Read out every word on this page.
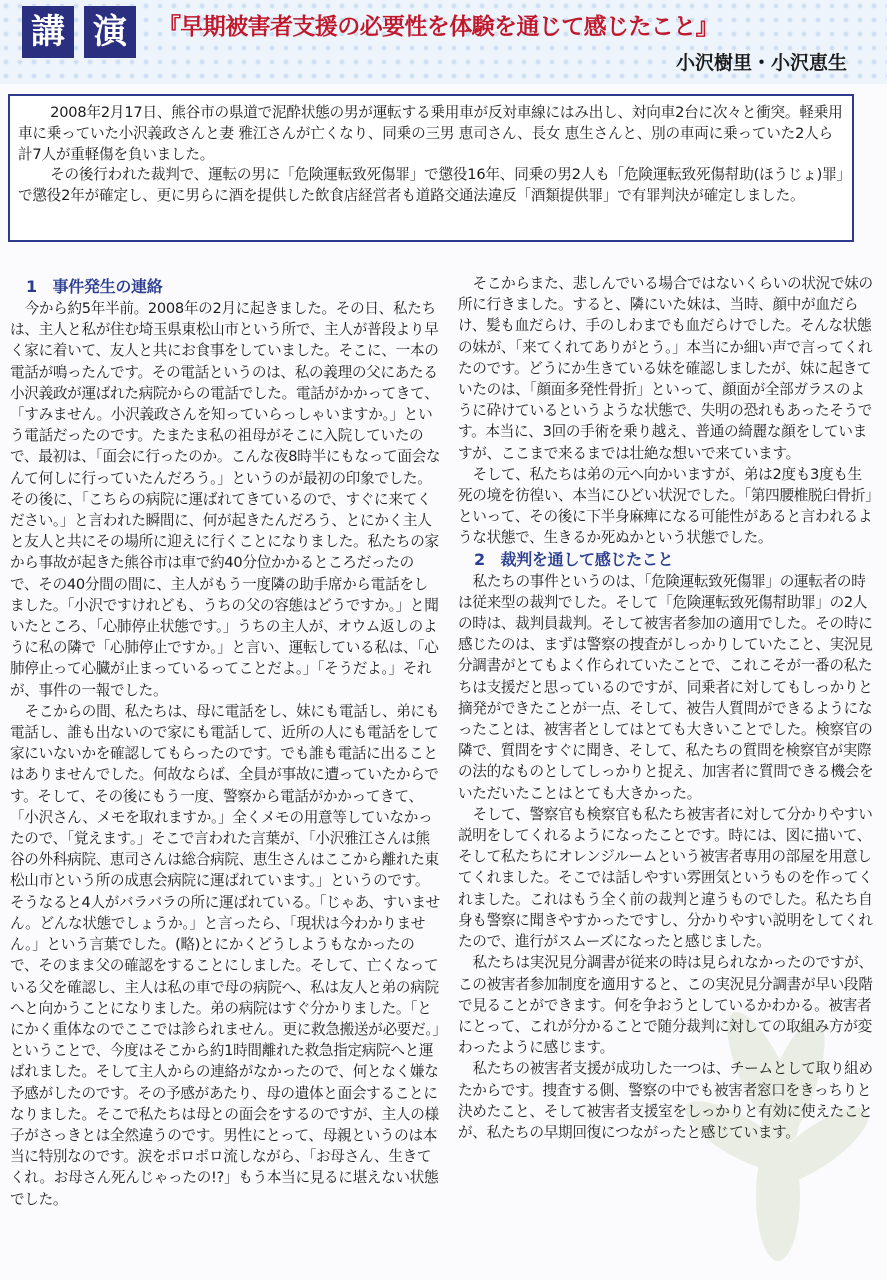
講 演	『早期被害者支援の必要性を体験を通じて感じたこと』
小沢樹里・小沢恵生

2008年2月17日、熊谷市の県道で泥酔状態の男が運転する乗用車が反対車線にはみ出し、対向車2台に次々と衝突。軽乗用車に乗っていた小沢義政さんと妻 雅江さんが亡くなり、同乗の三男 恵司さん、長女 恵生さんと、別の車両に乗っていた2人ら計7人が重軽傷を負いました。

その後行われた裁判で、運転の男に「危険運転致死傷罪」で懲役16年、同乗の男2人も「危険運転致死傷幇助(ほうじょ)罪」で懲役2年が確定し、更に男らに酒を提供した飲食店経営者も道路交通法違反「酒類提供罪」で有罪判決が確定しました。

1　事件発生の連絡

今から約5年半前。2008年の2月に起きました。その日、私たちは、主人と私が住む埼玉県東松山市という所で、主人が普段より早く家に着いて、友人と共にお食事をしていました。そこに、一本の電話が鳴ったんです。その電話というのは、私の義理の父にあたる小沢義政が運ばれた病院からの電話でした。電話がかかってきて、「すみません。小沢義政さんを知っていらっしゃいますか。」という電話だったのです。たまたま私の祖母がそこに入院していたので、最初は、「面会に行ったのか。こんな夜8時半にもなって面会なんて何しに行っていたんだろう。」というのが最初の印象でした。その後に、「こちらの病院に運ばれてきているので、すぐに来てください。」と言われた瞬間に、何が起きたんだろう、とにかく主人と友人と共にその場所に迎えに行くことになりました。私たちの家から事故が起きた熊谷市は車で約40分位かかるところだったので、その40分間の間に、主人がもう一度隣の助手席から電話をしました。「小沢ですけれども、うちの父の容態はどうですか。」と聞いたところ、「心肺停止状態です。」うちの主人が、オウム返しのように私の隣で「心肺停止ですか。」と言い、運転している私は、「心肺停止って心臓が止まっているってことだよ。」「そうだよ。」それが、事件の一報でした。

そこからの間、私たちは、母に電話をし、妹にも電話し、弟にも電話し、誰も出ないので家にも電話して、近所の人にも電話をして家にいないかを確認してもらったのです。でも誰も電話に出ることはありませんでした。何故ならば、全員が事故に遭っていたからです。そして、その後にもう一度、警察から電話がかかってきて、「小沢さん、メモを取れますか。」全くメモの用意等していなかったので、「覚えます。」そこで言われた言葉が、「小沢雅江さんは熊谷の外科病院、恵司さんは総合病院、恵生さんはここから離れた東松山市という所の成恵会病院に運ばれています。」というのです。そうなると4人がバラバラの所に運ばれている。「じゃあ、すいません。どんな状態でしょうか。」と言ったら、「現状は今わかりません。」という言葉でした。(略)とにかくどうしようもなかったので、そのまま父の確認をすることにしました。そして、亡くなっている父を確認し、主人は私の車で母の病院へ、私は友人と弟の病院へと向かうことになりました。弟の病院はすぐ分かりました。「とにかく重体なのでここでは診られません。更に救急搬送が必要だ。」ということで、今度はそこから約1時間離れた救急指定病院へと運ばれました。そして主人からの連絡がなかったので、何となく嫌な予感がしたのです。その予感があたり、母の遺体と面会することになりました。そこで私たちは母との面会をするのですが、主人の様子がさっきとは全然違うのです。男性にとって、母親というのは本当に特別なのです。涙をポロポロ流しながら、「お母さん、生きてくれ。お母さん死んじゃったの!?」もう本当に見るに堪えない状態でした。

そこからまた、悲しんでいる場合ではないくらいの状況で妹の所に行きました。すると、隣にいた妹は、当時、顔中が血だらけ、髪も血だらけ、手のしわまでも血だらけでした。そんな状態の妹が、「来てくれてありがとう。」本当にか細い声で言ってくれたのです。どうにか生きている妹を確認しましたが、妹に起きていたのは、「顔面多発性骨折」といって、顔面が全部ガラスのように砕けているというような状態で、失明の恐れもあったそうです。本当に、3回の手術を乗り越え、普通の綺麗な顔をしていますが、ここまで来るまでは壮絶な想いで来ています。

そして、私たちは弟の元へ向かいますが、弟は2度も3度も生死の境を彷徨い、本当にひどい状況でした。「第四腰椎脱臼骨折」といって、その後に下半身麻痺になる可能性があると言われるような状態で、生きるか死ぬかという状態でした。

2　裁判を通して感じたこと

私たちの事件というのは、「危険運転致死傷罪」の運転者の時は従来型の裁判でした。そして「危険運転致死傷幇助罪」の2人の時は、裁判員裁判。そして被害者参加の適用でした。その時に感じたのは、まずは警察の捜査がしっかりしていたこと、実況見分調書がとてもよく作られていたことで、これこそが一番の私たちは支援だと思っているのですが、同乗者に対してもしっかりと摘発ができたことが一点、そして、被告人質問ができるようになったことは、被害者としてはとても大きいことでした。検察官の隣で、質問をすぐに聞き、そして、私たちの質問を検察官が実際の法的なものとしてしっかりと捉え、加害者に質問できる機会をいただいたことはとても大きかった。

そして、警察官も検察官も私たち被害者に対して分かりやすい説明をしてくれるようになったことです。時には、図に描いて、そして私たちにオレンジルームという被害者専用の部屋を用意してくれました。そこでは話しやすい雰囲気というものを作ってくれました。これはもう全く前の裁判と違うものでした。私たち自身も警察に聞きやすかったですし、分かりやすい説明をしてくれたので、進行がスムーズになったと感じました。

私たちは実況見分調書が従来の時は見られなかったのですが、この被害者参加制度を適用すると、この実況見分調書が早い段階で見ることができます。何を争おうとしているかわかる。被害者にとって、これが分かることで随分裁判に対しての取組み方が変わったように感じます。

私たちの被害者支援が成功した一つは、チームとして取り組めたからです。捜査する側、警察の中でも被害者窓口をきっちりと決めたこと、そして被害者支援室をしっかりと有効に使えたことが、私たちの早期回復につながったと感じています。
